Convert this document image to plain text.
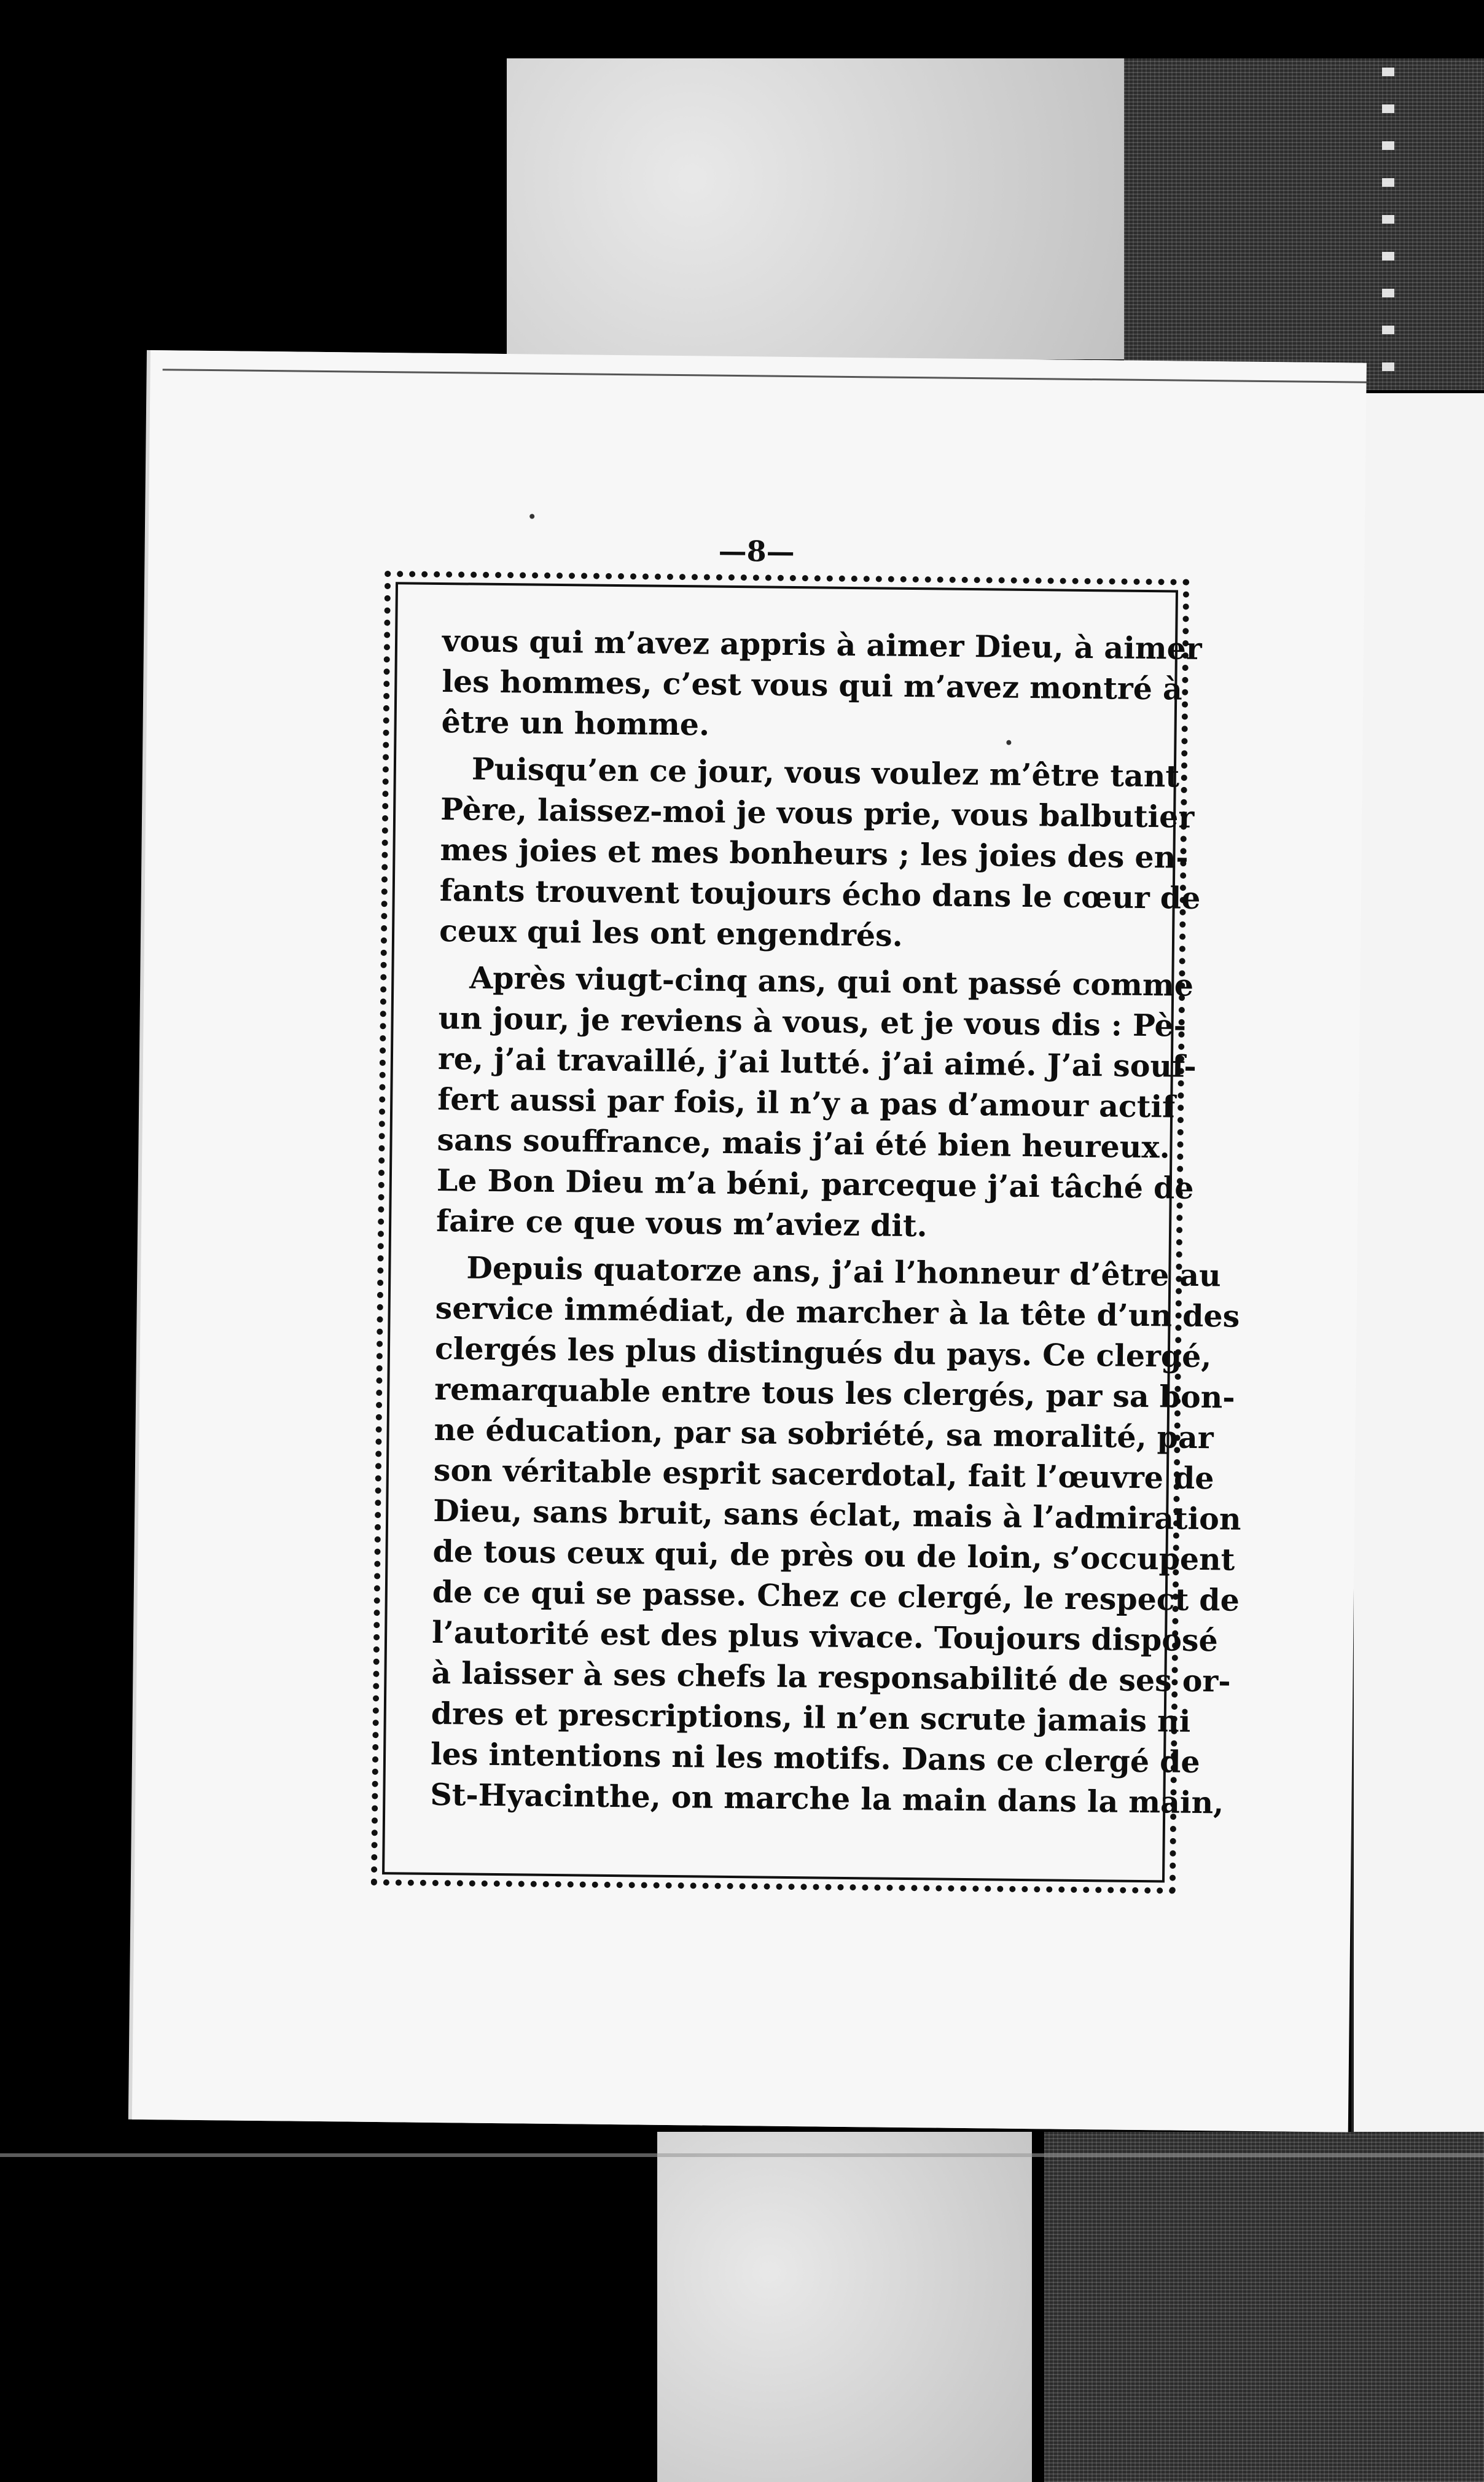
—8—
vous qui m’avez appris à aimer Dieu, à aimer
les hommes, c’est vous qui m’avez montré à
être un homme.
Puisqu’en ce jour, vous voulez m’être tant
Père, laissez-moi je vous prie, vous balbutier
mes joies et mes bonheurs ; les joies des en-
fants trouvent toujours écho dans le cœur de
ceux qui les ont engendrés.
Après viugt-cinq ans, qui ont passé comme
un jour, je reviens à vous, et je vous dis : Pè-
re, j’ai travaillé, j’ai lutté. j’ai aimé. J’ai souf-
fert aussi par fois, il n’y a pas d’amour actif
sans souffrance, mais j’ai été bien heureux.
Le Bon Dieu m’a béni, parceque j’ai tâché de
faire ce que vous m’aviez dit.
Depuis quatorze ans, j’ai l’honneur d’être au
service immédiat, de marcher à la tête d’un des
clergés les plus distingués du pays. Ce clergé,
remarquable entre tous les clergés, par sa bon-
ne éducation, par sa sobriété, sa moralité, par
son véritable esprit sacerdotal, fait l’œuvre de
Dieu, sans bruit, sans éclat, mais à l’admiration
de tous ceux qui, de près ou de loin, s’occupent
de ce qui se passe. Chez ce clergé, le respect de
l’autorité est des plus vivace. Toujours disposé
à laisser à ses chefs la responsabilité de ses or-
dres et prescriptions, il n’en scrute jamais ni
les intentions ni les motifs. Dans ce clergé de
St-Hyacinthe, on marche la main dans la main,
